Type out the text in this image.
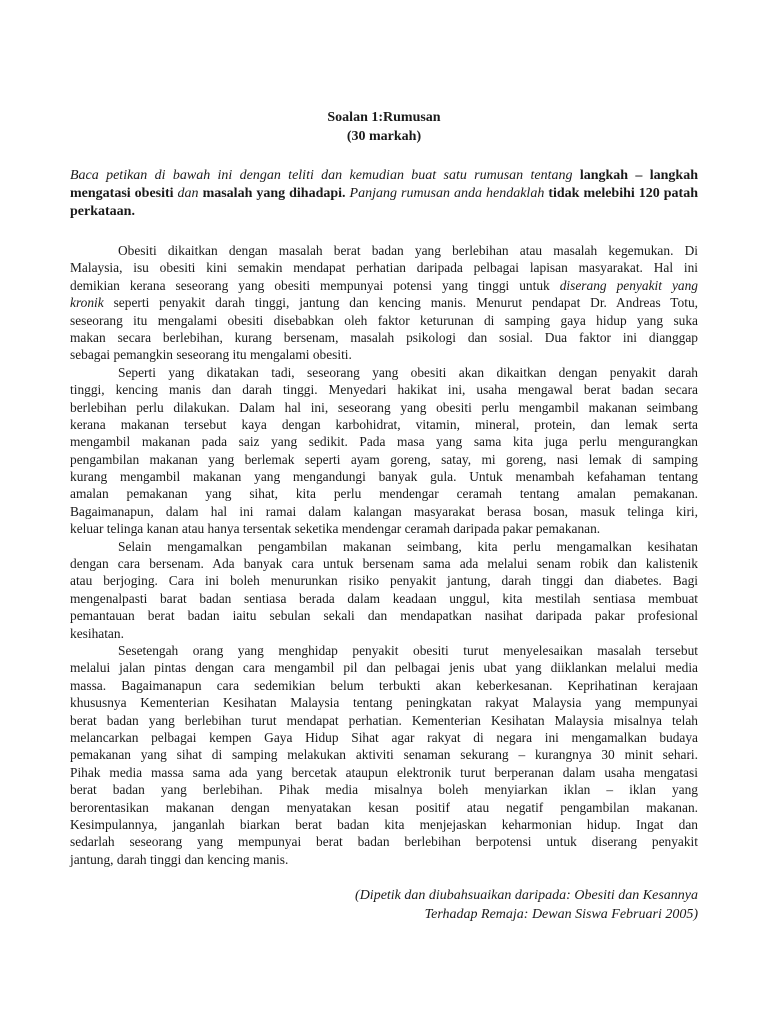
Soalan 1:Rumusan
(30 markah)
Baca petikan di bawah ini dengan teliti dan kemudian buat satu rumusan tentang langkah – langkah mengatasi obesiti dan masalah yang dihadapi. Panjang rumusan anda hendaklah tidak melebihi 120 patah perkataan.
Obesiti dikaitkan dengan masalah berat badan yang berlebihan atau masalah kegemukan. Di
Malaysia, isu obesiti kini semakin mendapat perhatian daripada pelbagai lapisan masyarakat. Hal ini
demikian kerana seseorang yang obesiti mempunyai potensi yang tinggi untuk diserang penyakit yang
kronik seperti penyakit darah tinggi, jantung dan kencing manis. Menurut pendapat Dr. Andreas Totu,
seseorang itu mengalami obesiti disebabkan oleh faktor keturunan di samping gaya hidup yang suka
makan secara berlebihan, kurang bersenam, masalah psikologi dan sosial. Dua faktor ini dianggap
sebagai pemangkin seseorang itu mengalami obesiti.
Seperti yang dikatakan tadi, seseorang yang obesiti akan dikaitkan dengan penyakit darah
tinggi, kencing manis dan darah tinggi. Menyedari hakikat ini, usaha mengawal berat badan secara
berlebihan perlu dilakukan. Dalam hal ini, seseorang yang obesiti perlu mengambil makanan seimbang
kerana makanan tersebut kaya dengan karbohidrat, vitamin, mineral, protein, dan lemak serta
mengambil makanan pada saiz yang sedikit. Pada masa yang sama kita juga perlu mengurangkan
pengambilan makanan yang berlemak seperti ayam goreng, satay, mi goreng, nasi lemak di samping
kurang mengambil makanan yang mengandungi banyak gula. Untuk menambah kefahaman tentang
amalan pemakanan yang sihat, kita perlu mendengar ceramah tentang amalan pemakanan.
Bagaimanapun, dalam hal ini ramai dalam kalangan masyarakat berasa bosan, masuk telinga kiri,
keluar telinga kanan atau hanya tersentak seketika mendengar ceramah daripada pakar pemakanan.
Selain mengamalkan pengambilan makanan seimbang, kita perlu mengamalkan kesihatan
dengan cara bersenam. Ada banyak cara untuk bersenam sama ada melalui senam robik dan kalistenik
atau berjoging. Cara ini boleh menurunkan risiko penyakit jantung, darah tinggi dan diabetes. Bagi
mengenalpasti barat badan sentiasa berada dalam keadaan unggul, kita mestilah sentiasa membuat
pemantauan berat badan iaitu sebulan sekali dan mendapatkan nasihat daripada pakar profesional
kesihatan.
Sesetengah orang yang menghidap penyakit obesiti turut menyelesaikan masalah tersebut
melalui jalan pintas dengan cara mengambil pil dan pelbagai jenis ubat yang diiklankan melalui media
massa. Bagaimanapun cara sedemikian belum terbukti akan keberkesanan. Keprihatinan kerajaan
khususnya Kementerian Kesihatan Malaysia tentang peningkatan rakyat Malaysia yang mempunyai
berat badan yang berlebihan turut mendapat perhatian. Kementerian Kesihatan Malaysia misalnya telah
melancarkan pelbagai kempen Gaya Hidup Sihat agar rakyat di negara ini mengamalkan budaya
pemakanan yang sihat di samping melakukan aktiviti senaman sekurang – kurangnya 30 minit sehari.
Pihak media massa sama ada yang bercetak ataupun elektronik turut berperanan dalam usaha mengatasi
berat badan yang berlebihan. Pihak media misalnya boleh menyiarkan iklan – iklan yang
berorentasikan makanan dengan menyatakan kesan positif atau negatif pengambilan makanan.
Kesimpulannya, janganlah biarkan berat badan kita menjejaskan keharmonian hidup. Ingat dan
sedarlah seseorang yang mempunyai berat badan berlebihan berpotensi untuk diserang penyakit
jantung, darah tinggi dan kencing manis.
(Dipetik dan diubahsuaikan daripada: Obesiti dan Kesannya
Terhadap Remaja: Dewan Siswa Februari 2005)
